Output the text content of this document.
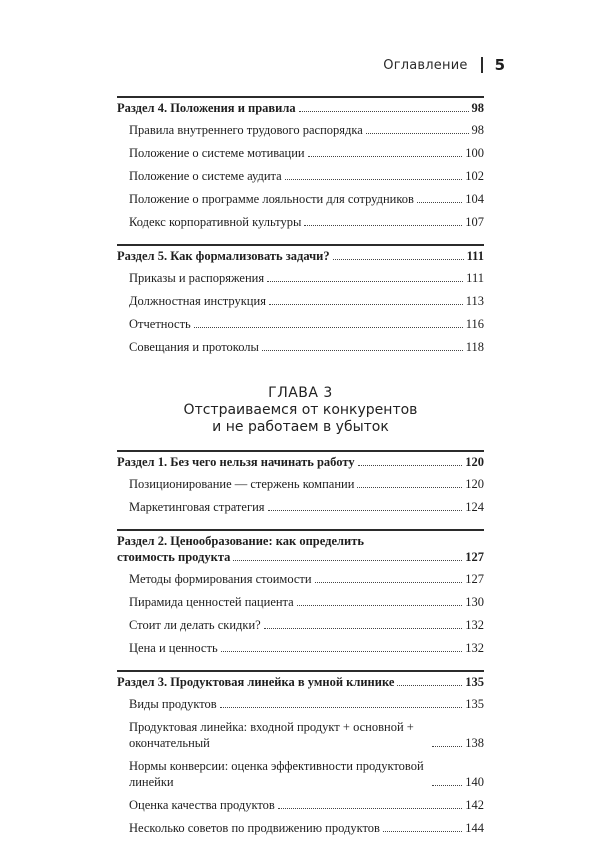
Оглавление 5
Раздел 4. Положения и правила	98
Правила внутреннего трудового распорядка	98
Положение о системе мотивации	100
Положение о системе аудита	102
Положение о программе лояльности для сотрудников	104
Кодекс корпоративной культуры	107
Раздел 5. Как формализовать задачи?	111
Приказы и распоряжения	111
Должностная инструкция	113
Отчетность	116
Совещания и протоколы	118
ГЛАВА 3
Отстраиваемся от конкурентов
и не работаем в убыток
Раздел 1. Без чего нельзя начинать работу	120
Позиционирование — стержень компании	120
Маркетинговая стратегия	124
Раздел 2. Ценообразование: как определить
стоимость продукта	127
Методы формирования стоимости	127
Пирамида ценностей пациента	130
Стоит ли делать скидки?	132
Цена и ценность	132
Раздел 3. Продуктовая линейка в умной клинике	135
Виды продуктов	135
Продуктовая линейка: входной продукт + основной + окончательный	138
Нормы конверсии: оценка эффективности продуктовой линейки	140
Оценка качества продуктов	142
Несколько советов по продвижению продуктов	144
